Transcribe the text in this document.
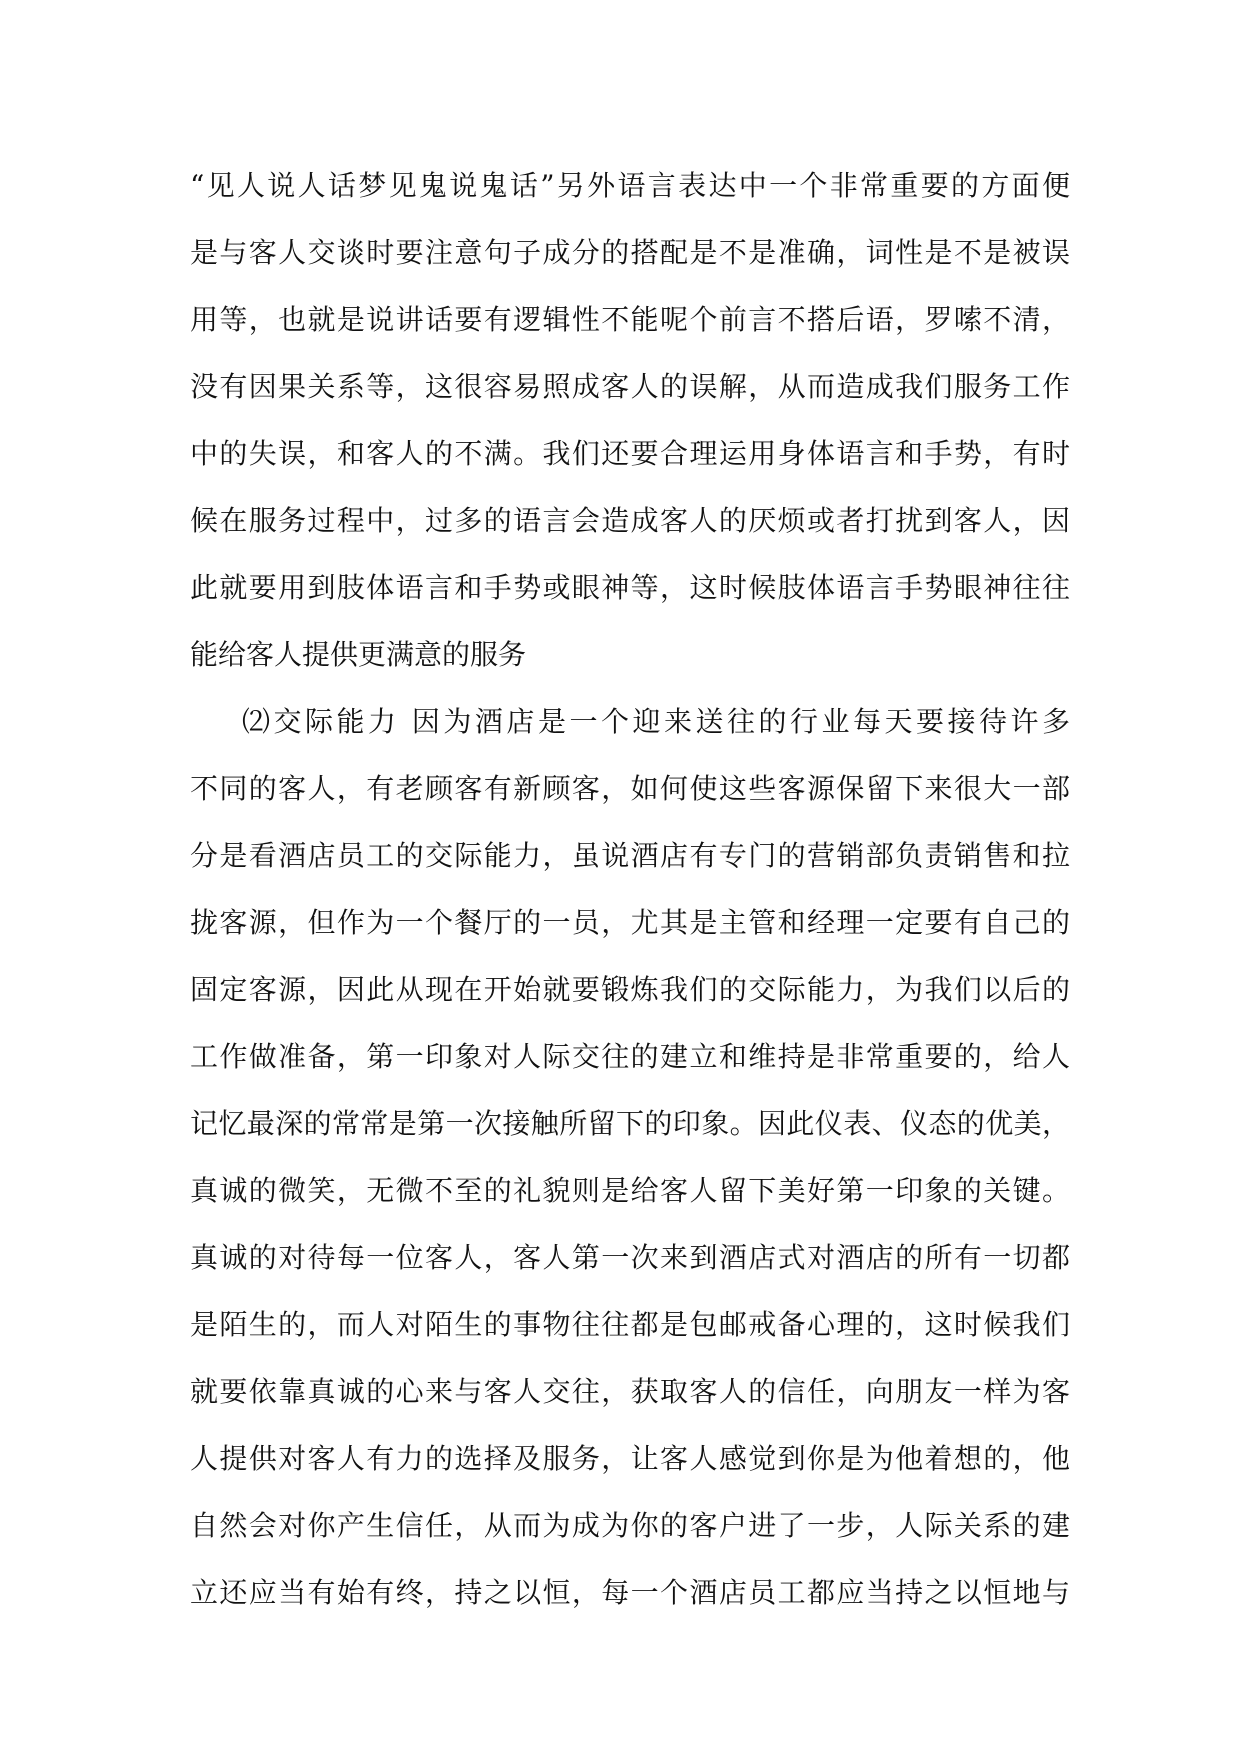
“见人说人话梦见鬼说鬼话”另外语言表达中一个非常重要的方面便
是与客人交谈时要注意句子成分的搭配是不是准确，词性是不是被误
用等，也就是说讲话要有逻辑性不能呢个前言不搭后语，罗嗦不清，
没有因果关系等，这很容易照成客人的误解，从而造成我们服务工作
中的失误，和客人的不满。我们还要合理运用身体语言和手势，有时
候在服务过程中，过多的语言会造成客人的厌烦或者打扰到客人，因
此就要用到肢体语言和手势或眼神等，这时候肢体语言手势眼神往往
能给客人提供更满意的服务
⑵交际能力 因为酒店是一个迎来送往的行业每天要接待许多
不同的客人，有老顾客有新顾客，如何使这些客源保留下来很大一部
分是看酒店员工的交际能力，虽说酒店有专门的营销部负责销售和拉
拢客源，但作为一个餐厅的一员，尤其是主管和经理一定要有自己的
固定客源，因此从现在开始就要锻炼我们的交际能力，为我们以后的
工作做准备，第一印象对人际交往的建立和维持是非常重要的，给人
记忆最深的常常是第一次接触所留下的印象。因此仪表、仪态的优美，
真诚的微笑，无微不至的礼貌则是给客人留下美好第一印象的关键。
真诚的对待每一位客人，客人第一次来到酒店式对酒店的所有一切都
是陌生的，而人对陌生的事物往往都是包邮戒备心理的，这时候我们
就要依靠真诚的心来与客人交往，获取客人的信任，向朋友一样为客
人提供对客人有力的选择及服务，让客人感觉到你是为他着想的，他
自然会对你产生信任，从而为成为你的客户进了一步，人际关系的建
立还应当有始有终，持之以恒，每一个酒店员工都应当持之以恒地与
